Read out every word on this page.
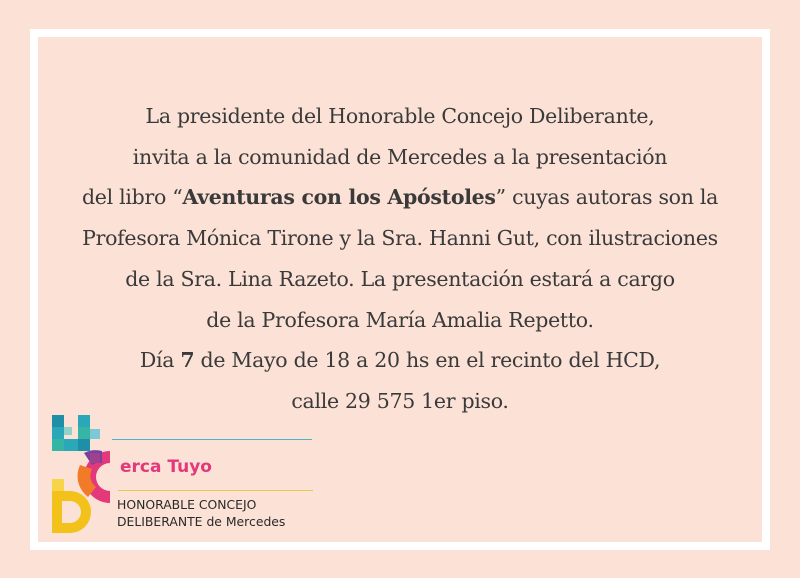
La presidente del Honorable Concejo Deliberante,
invita a la comunidad de Mercedes a la presentación
del libro “Aventuras con los Apóstoles” cuyas autoras son la
Profesora Mónica Tirone y la Sra. Hanni Gut, con ilustraciones
de la Sra. Lina Razeto. La presentación estará a cargo
de la Profesora María Amalia Repetto.
Día 7 de Mayo de 18 a 20 hs en el recinto del HCD,
calle 29 575 1er piso.
erca Tuyo
HONORABLE CONCEJO
DELIBERANTE de Mercedes
